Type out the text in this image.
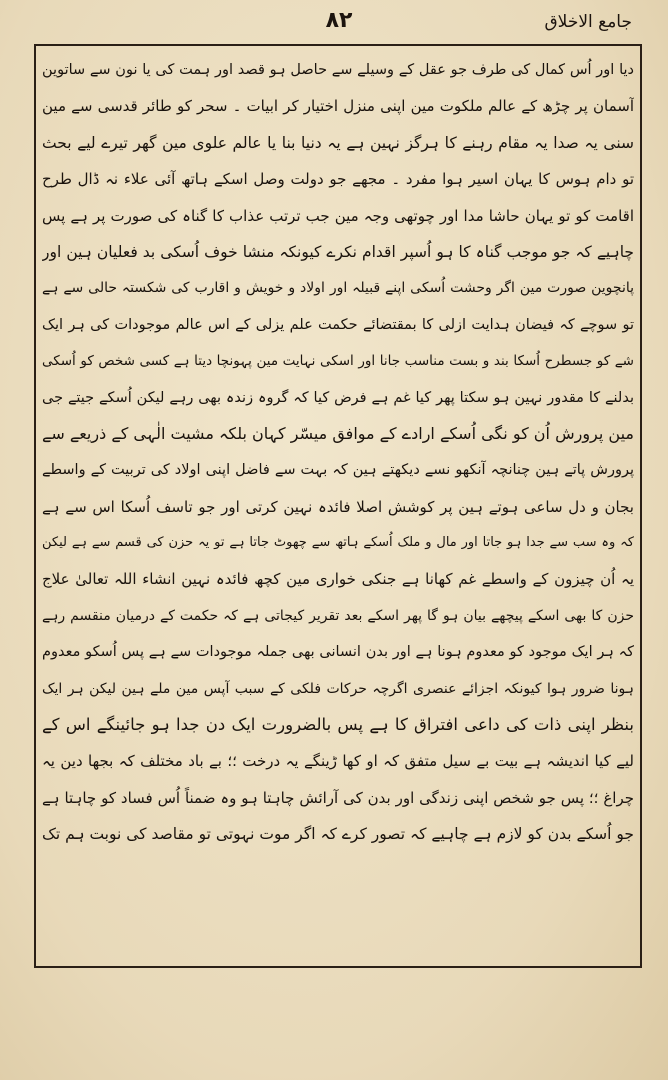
جامع الاخلاق
٨٢
دیا اور اُس کمال کی طرف جو عقل کے وسیلے سے حاصل ہو قصد اور ہمت کی یا نون سے ساتوین
آسمان پر چڑھ کے عالم ملکوت مین اپنی منزل اختیار کر ابیات ۔ سحر کو طائر قدسی سے مین
سنی یہ صدا یہ مقام رہنے کا ہرگز نہین ہے یہ دنیا بنا یا عالم علوی مین گھر تیرے لیے بحث
تو دام ہوس کا یہان اسیر ہوا مفرد ۔ مجھے جو دولت وصل اسکے ہاتھ آئی علاء نہ ڈال طرح
اقامت کو تو یہان حاشا مدا اور چوتھی وجہ مین جب ترتب عذاب کا گناہ کی صورت پر ہے پس
چاہیے کہ جو موجب گناہ کا ہو اُسپر اقدام نکرے کیونکہ منشا خوف اُسکی بد فعلیان ہین اور
پانچوین صورت مین اگر وحشت اُسکی اپنے قبیلہ اور اولاد و خویش و اقارب کی شکستہ حالی سے ہے
تو سوچے کہ فیضان ہدایت ازلی کا بمقتضائے حکمت علم یزلی کے اس عالم موجودات کی ہر ایک
شے کو جسطرح اُسکا بند و بست مناسب جانا اور اسکی نہایت مین پہونچا دیتا ہے کسی شخص کو اُسکی
بدلنے کا مقدور نہین ہو سکتا پھر کیا غم ہے فرض کیا کہ گروہ زندہ بھی رہے لیکن اُسکے جیتے جی
مین پرورش اُن کو نگی اُسکے ارادے کے موافق میسّر کہان بلکہ مشیت الٰہی کے ذریعے سے
پرورش پاتے ہین چنانچہ آنکھو نسے دیکھتے ہین کہ بہت سے فاضل اپنی اولاد کی تربیت کے واسطے
بجان و دل ساعی ہوتے ہین پر کوشش اصلا فائدہ نہین کرتی اور جو تاسف اُسکا اس سے ہے
کہ وہ سب سے جدا ہو جاتا اور مال و ملک اُسکے ہاتھ سے چھوٹ جاتا ہے تو یہ حزن کی قسم سے ہے لیکن
یہ اُن چیزون کے واسطے غم کھانا ہے جنکی خواری مین کچھ فائدہ نہین انشاء اللہ تعالیٰ علاج
حزن کا بھی اسکے پیچھے بیان ہو گا پھر اسکے بعد تقریر کیجاتی ہے کہ حکمت کے درمیان منقسم رہے
کہ ہر ایک موجود کو معدوم ہونا ہے اور بدن انسانی بھی جملہ موجودات سے ہے پس اُسکو معدوم
ہونا ضرور ہوا کیونکہ اجزائے عنصری اگرچہ حرکات فلکی کے سبب آپس مین ملے ہین لیکن ہر ایک
بنظر اپنی ذات کی داعی افتراق کا ہے پس بالضرورت ایک دن جدا ہو جائینگے اس کے
لیے کیا اندیشہ ہے بیت بے سیل متفق کہ او کھا ڑینگے یہ درخت ؛؛ بے باد مختلف کہ بجھا دین یہ
چراغ ؛؛ پس جو شخص اپنی زندگی اور بدن کی آرائش چاہتا ہو وہ ضمناً اُس فساد کو چاہتا ہے
جو اُسکے بدن کو لازم ہے چاہیے کہ تصور کرے کہ اگر موت نہوتی تو مقاصد کی نوبت ہم تک
